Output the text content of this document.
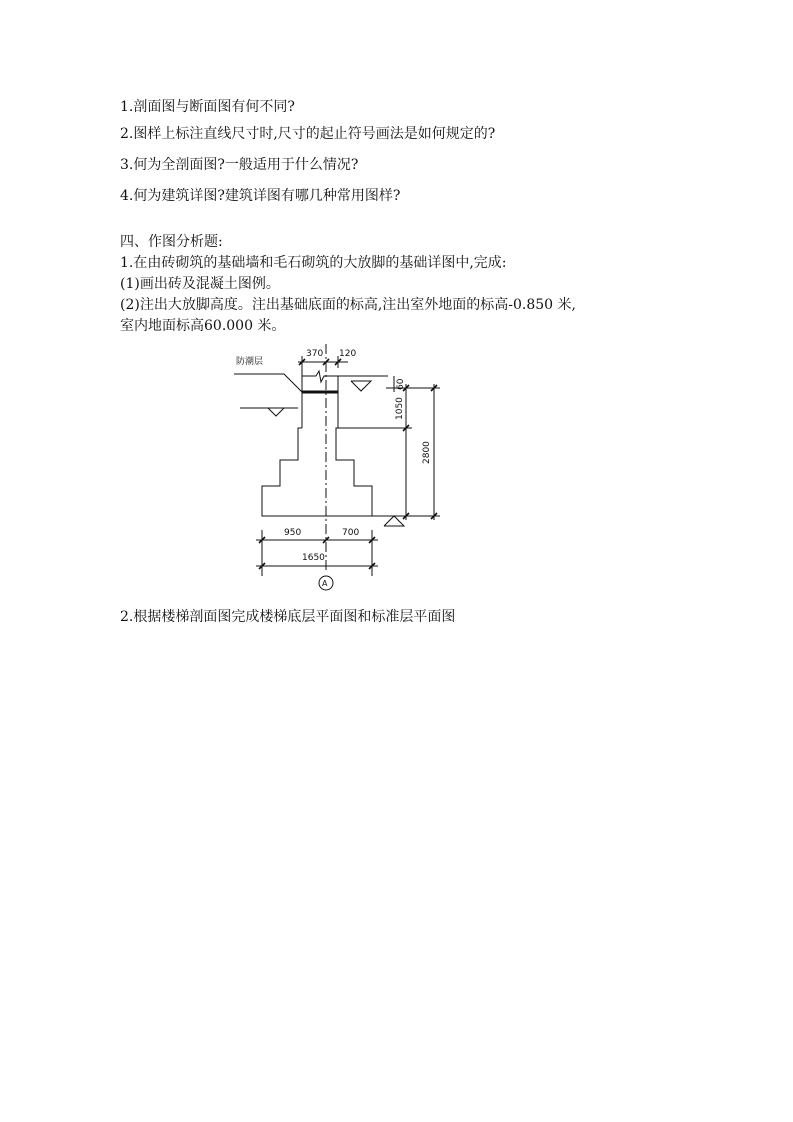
1.剖面图与断面图有何不同?
2.图样上标注直线尺寸时,尺寸的起止符号画法是如何规定的?
3.何为全剖面图?一般适用于什么情况?
4.何为建筑详图?建筑详图有哪几种常用图样?
四、作图分析题:
1.在由砖砌筑的基础墙和毛石砌筑的大放脚的基础详图中,完成:
(1)画出砖及混凝土图例。
(2)注出大放脚高度。注出基础底面的标高,注出室外地面的标高-0.850 米,
室内地面标高60.000 米。
防潮层
370 120
60
1050
2800
950	700
1650
A
2.根据楼梯剖面图完成楼梯底层平面图和标准层平面图
